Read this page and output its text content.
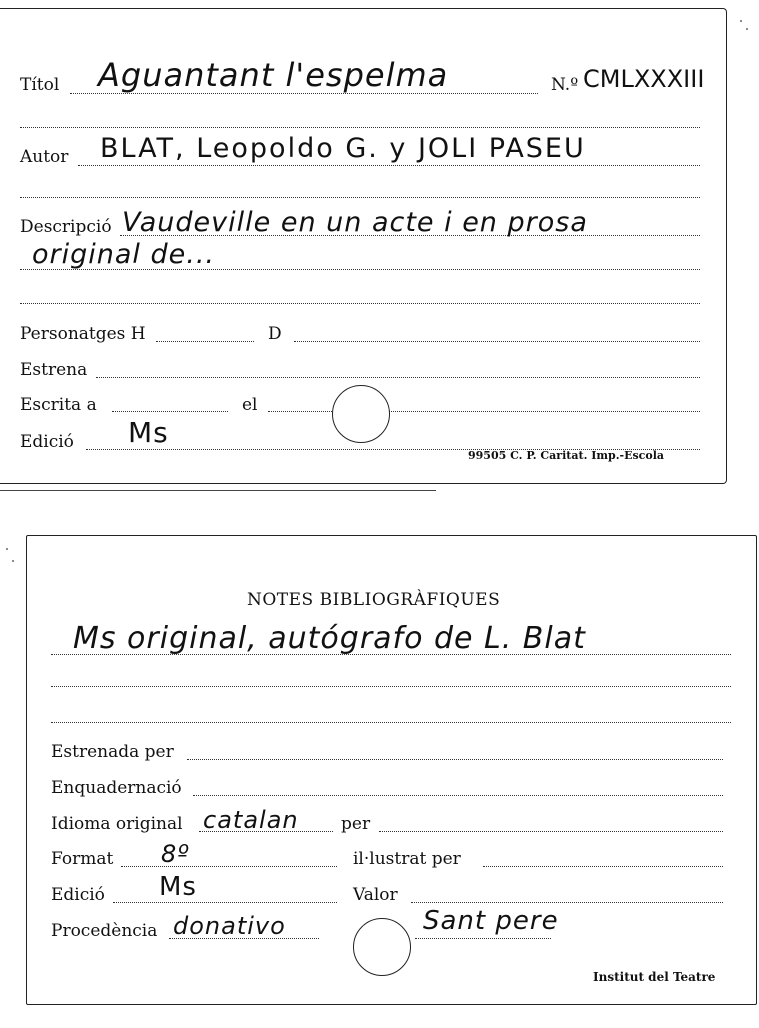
Títol Aguantant l'espelma	N.º CMLXXXIII
Autor BLAT, Leopoldo G. y JOLI PASEU
Descripció Vaudeville en un acte i en prosa
original de...
Personatges H	D
Estrena
Escrita a	el
Edició Ms
99505 C. P. Caritat. Imp.-Escola
NOTES BIBLIOGRÀFIQUES
Ms original, autógrafo de L. Blat
Estrenada per
Enquadernació
Idioma original catalan per
Format 8º	il·lustrat per
Edició Ms	Valor
Procedència donativo	Sant pere
Institut del Teatre
